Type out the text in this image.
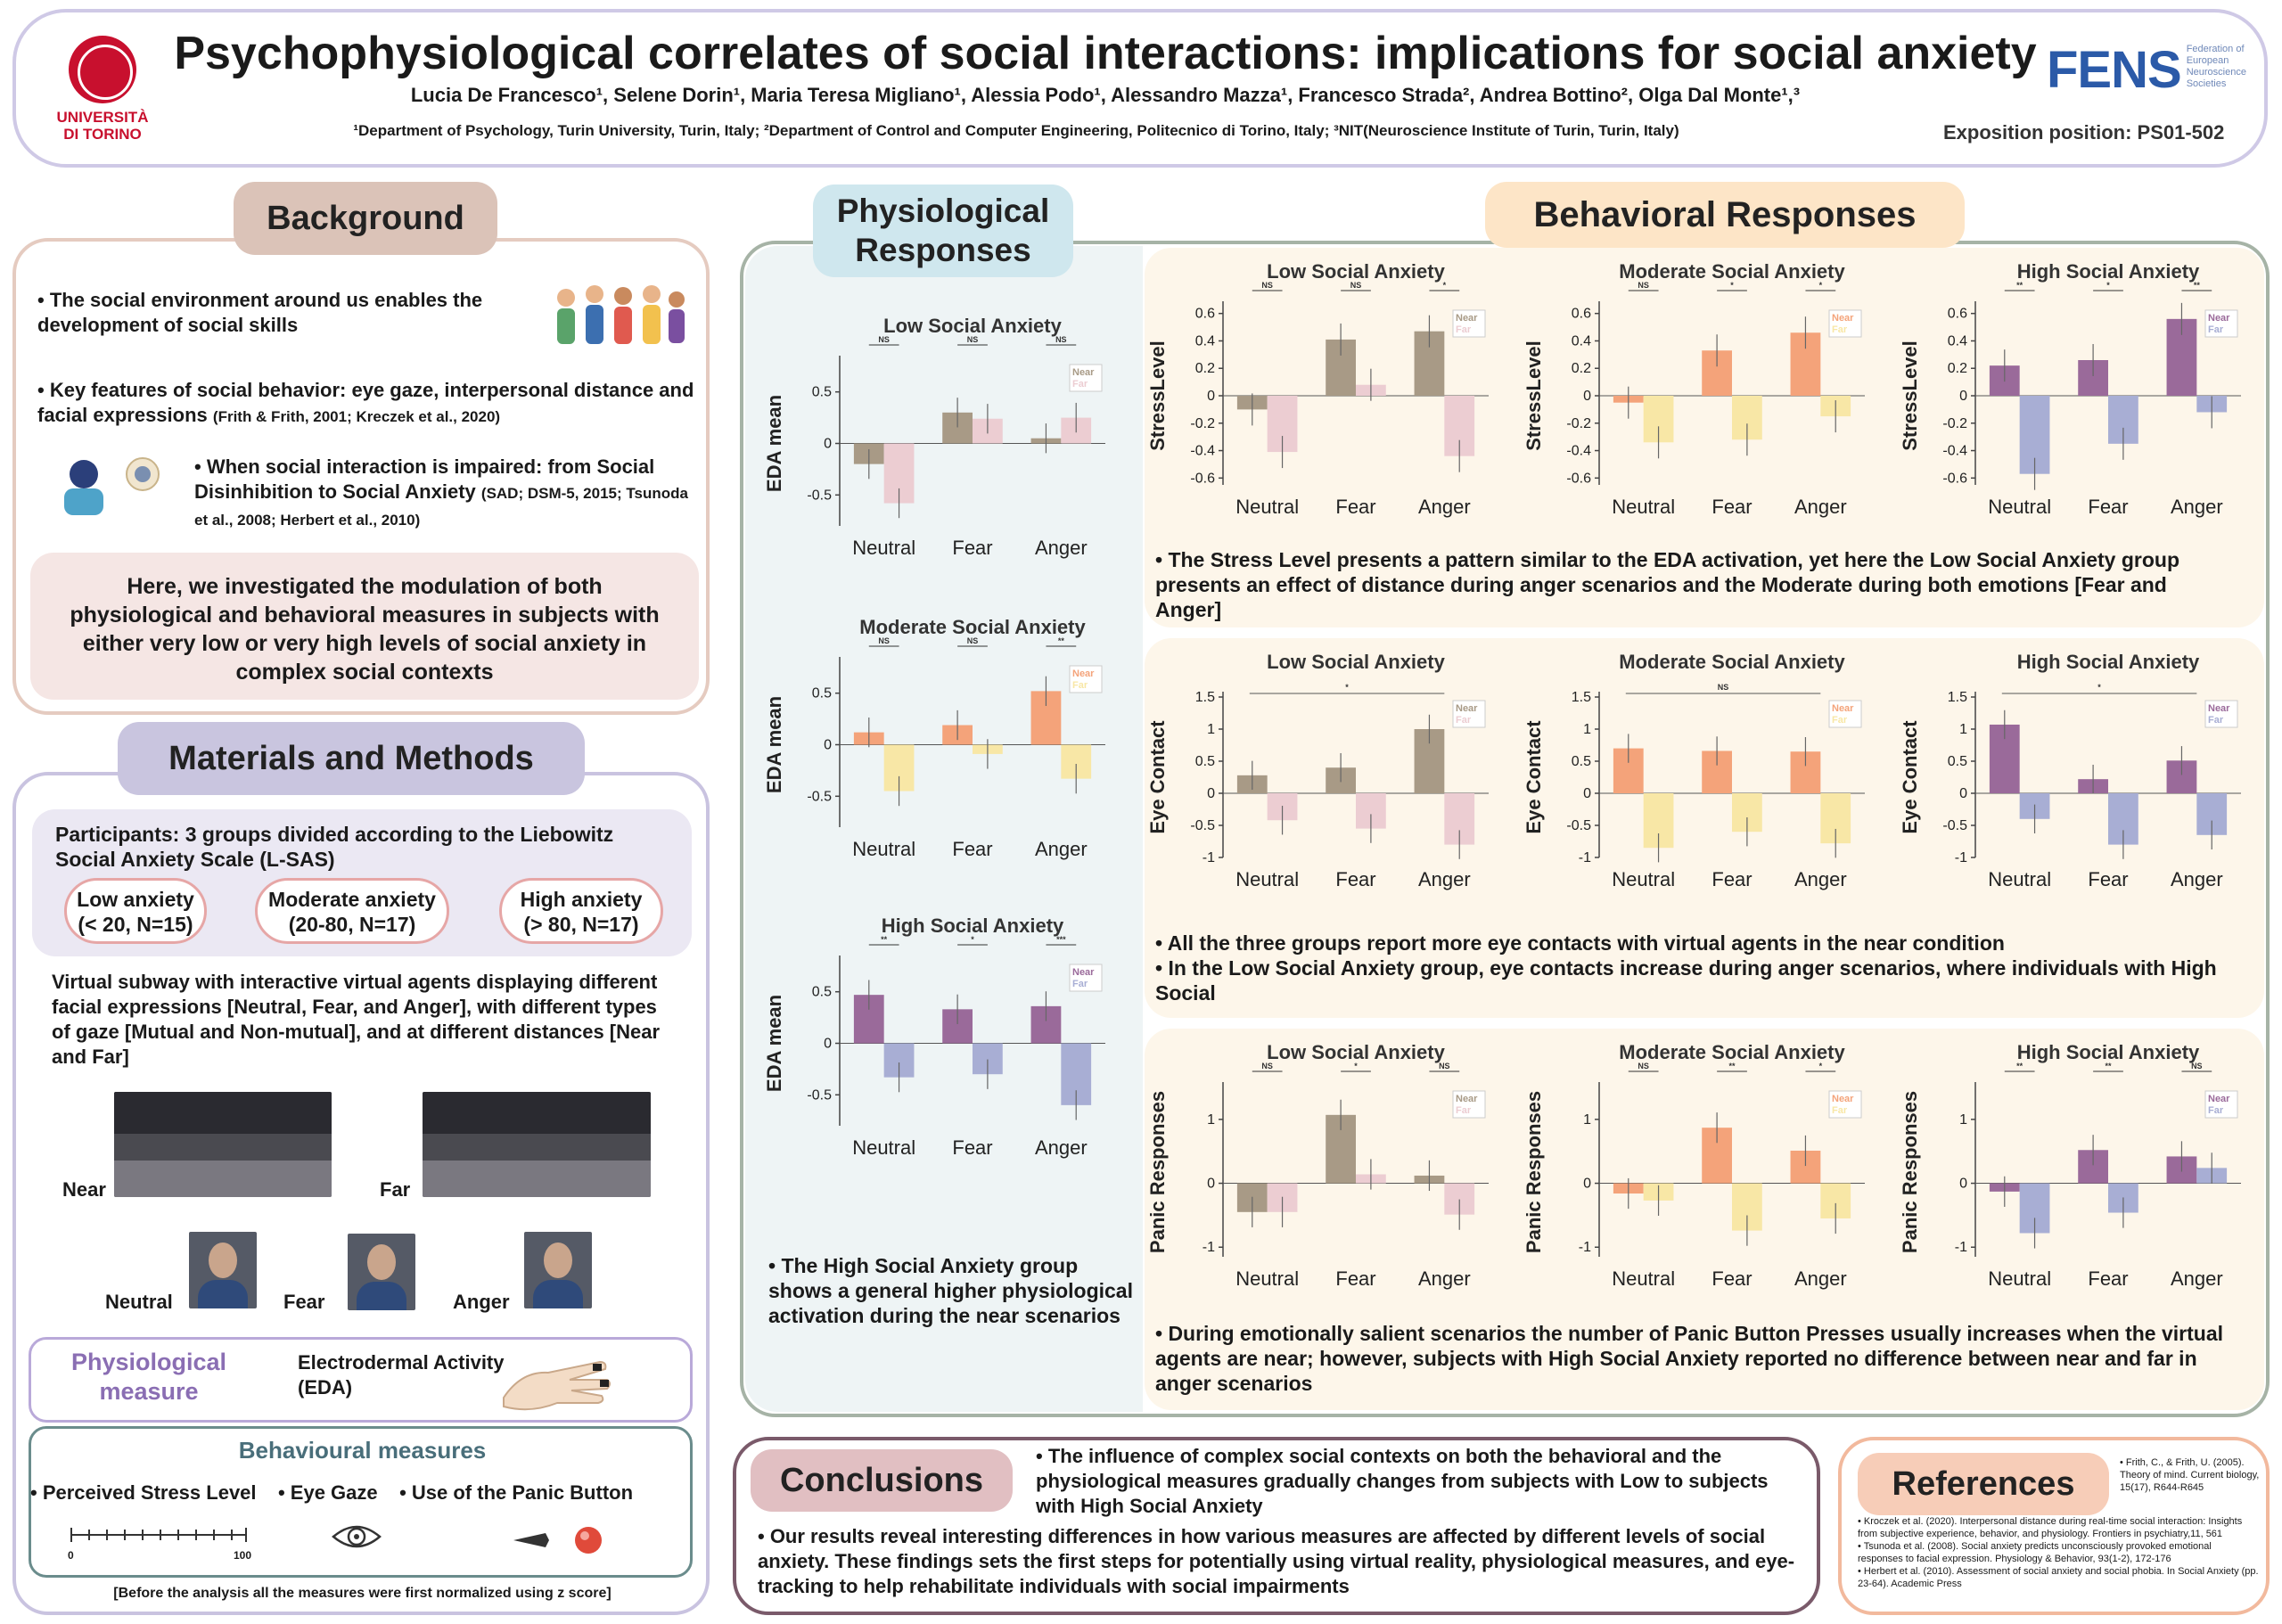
UNIVERSITÀ
DI TORINO
Psychophysiological correlates of social interactions: implications for social anxiety
Lucia De Francesco¹, Selene Dorin¹, Maria Teresa Migliano¹, Alessia Podo¹, Alessandro Mazza¹, Francesco Strada², Andrea Bottino², Olga Dal Monte¹,³
¹Department of Psychology, Turin University, Turin, Italy; ²Department of Control and Computer Engineering, Politecnico di Torino, Italy; ³NIT(Neuroscience Institute of Turin, Turin, Italy)
FENS Federation of European Neuroscience Societies
Exposition position: PS01-502
Background
• The social environment around us enables the development of social skills
• Key features of social behavior: eye gaze, interpersonal distance and facial expressions (Frith & Frith, 2001; Kreczek et al., 2020)
• When social interaction is impaired: from Social Disinhibition to Social Anxiety (SAD; DSM-5, 2015; Tsunoda et al., 2008; Herbert et al., 2010)
Here, we investigated the modulation of both physiological and behavioral measures in subjects with either very low or very high levels of social anxiety in complex social contexts
Materials and Methods
Participants: 3 groups divided according to the Liebowitz Social Anxiety Scale (L-SAS)
Low anxiety
(< 20, N=15)
Moderate anxiety
(20-80, N=17)
High anxiety
(> 80, N=17)
Virtual subway with interactive virtual agents displaying different facial expressions [Neutral, Fear, and Anger], with different types of gaze [Mutual and Non-mutual], and at different distances [Near and Far]
Near	Far
Neutral	Fear	Anger
Physiological measure
Electrodermal Activity (EDA)
Behavioural measures
• Perceived Stress Level    • Eye Gaze    • Use of the Panic Button
0	100
[Before the analysis all the measures were first normalized using z score]
Physiological Responses
Behavioral Responses
Low Social Anxiety
EDA mean
-0.5
0
0.5
Neutral
NS
Fear
NS
Anger
NS
Near
Far
Moderate Social Anxiety
EDA mean
-0.5
0
0.5
Neutral
NS
Fear
NS
Anger
**
Near
Far
High Social Anxiety
EDA mean
-0.5
0
0.5
Neutral
**
Fear
*
Anger
***
Near
Far
Low Social Anxiety
StressLevel
-0.6
-0.4
-0.2
0
0.2
0.4
0.6
Neutral
NS
Fear
NS
Anger
*
Near
Far
Moderate Social Anxiety
StressLevel
-0.6
-0.4
-0.2
0
0.2
0.4
0.6
Neutral
NS
Fear
*
Anger
*
Near
Far
High Social Anxiety
StressLevel
-0.6
-0.4
-0.2
0
0.2
0.4
0.6
Neutral
**
Fear
*
Anger
**
Near
Far
Low Social Anxiety
Eye Contact
-1
-0.5
0
0.5
1
1.5
Neutral Fear Anger
*
Near
Far
Moderate Social Anxiety
Eye Contact
-1
-0.5
0
0.5
1
1.5
Neutral Fear Anger
NS
Near
Far
High Social Anxiety
Eye Contact
-1
-0.5
0
0.5
1
1.5
Neutral Fear Anger
*
Near
Far
Low Social Anxiety
Panic Responses -1
0
1
Neutral
NS
Fear
*
Anger
NS
Near
Far
Moderate Social Anxiety
Panic Responses -1
0
1
Neutral
NS
Fear
**
Anger
*
Near
Far
High Social Anxiety
Panic Responses -1
0
1
Neutral
**
Fear
**
Anger
NS
Near
Far
• The High Social Anxiety group shows a general higher physiological activation during the near scenarios
• The Stress Level presents a pattern similar to the EDA activation, yet here the Low Social Anxiety group presents an effect of distance during anger scenarios and the Moderate during both emotions [Fear and Anger]
• All the three groups report more eye contacts with virtual agents in the near condition
• In the Low Social Anxiety group, eye contacts increase during anger scenarios, where individuals with High Social
• During emotionally salient scenarios the number of Panic Button Presses usually increases when the virtual agents are near; however, subjects with High Social Anxiety reported no difference between near and far in anger scenarios
Conclusions
• The influence of complex social contexts on both the behavioral and the physiological measures gradually changes from subjects with Low to subjects with High Social Anxiety
• Our results reveal interesting differences in how various measures are affected by different levels of social anxiety. These findings sets the first steps for potentially using virtual reality, physiological measures, and eye-tracking to help rehabilitate individuals with social impairments
References
• Frith, C., & Frith, U. (2005). Theory of mind. Current biology, 15(17), R644-R645
• Kroczek et al. (2020). Interpersonal distance during real-time social interaction: Insights from subjective experience, behavior, and physiology. Frontiers in psychiatry,11, 561
• Tsunoda et al. (2008). Social anxiety predicts unconsciously provoked emotional responses to facial expression. Physiology & Behavior, 93(1-2), 172-176
• Herbert et al. (2010). Assessment of social anxiety and social phobia. In Social Anxiety (pp. 23-64). Academic Press
